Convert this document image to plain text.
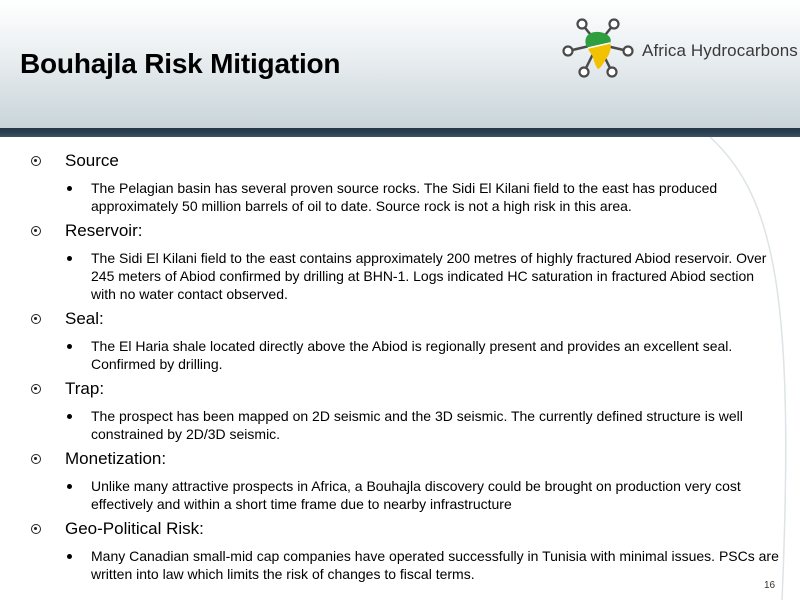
Bouhajla Risk Mitigation	Africa Hydrocarbons
Source
The Pelagian basin has several proven source rocks. The Sidi El Kilani field to the east has produced approximately 50 million barrels of oil to date. Source rock is not a high risk in this area.
Reservoir:
The Sidi El Kilani field to the east contains approximately 200 metres of highly fractured Abiod reservoir. Over 245 meters of Abiod confirmed by drilling at BHN-1. Logs indicated HC saturation in fractured Abiod section with no water contact observed.
Seal:
The El Haria shale located directly above the Abiod is regionally present and provides an excellent seal. Confirmed by drilling.
Trap:
The prospect has been mapped on 2D seismic and the 3D seismic. The currently defined structure is well constrained by 2D/3D seismic.
Monetization:
Unlike many attractive prospects in Africa, a Bouhajla discovery could be brought on production very cost effectively and within a short time frame due to nearby infrastructure
Geo-Political Risk:
Many Canadian small-mid cap companies have operated successfully in Tunisia with minimal issues. PSCs are written into law which limits the risk of changes to fiscal terms.
16
